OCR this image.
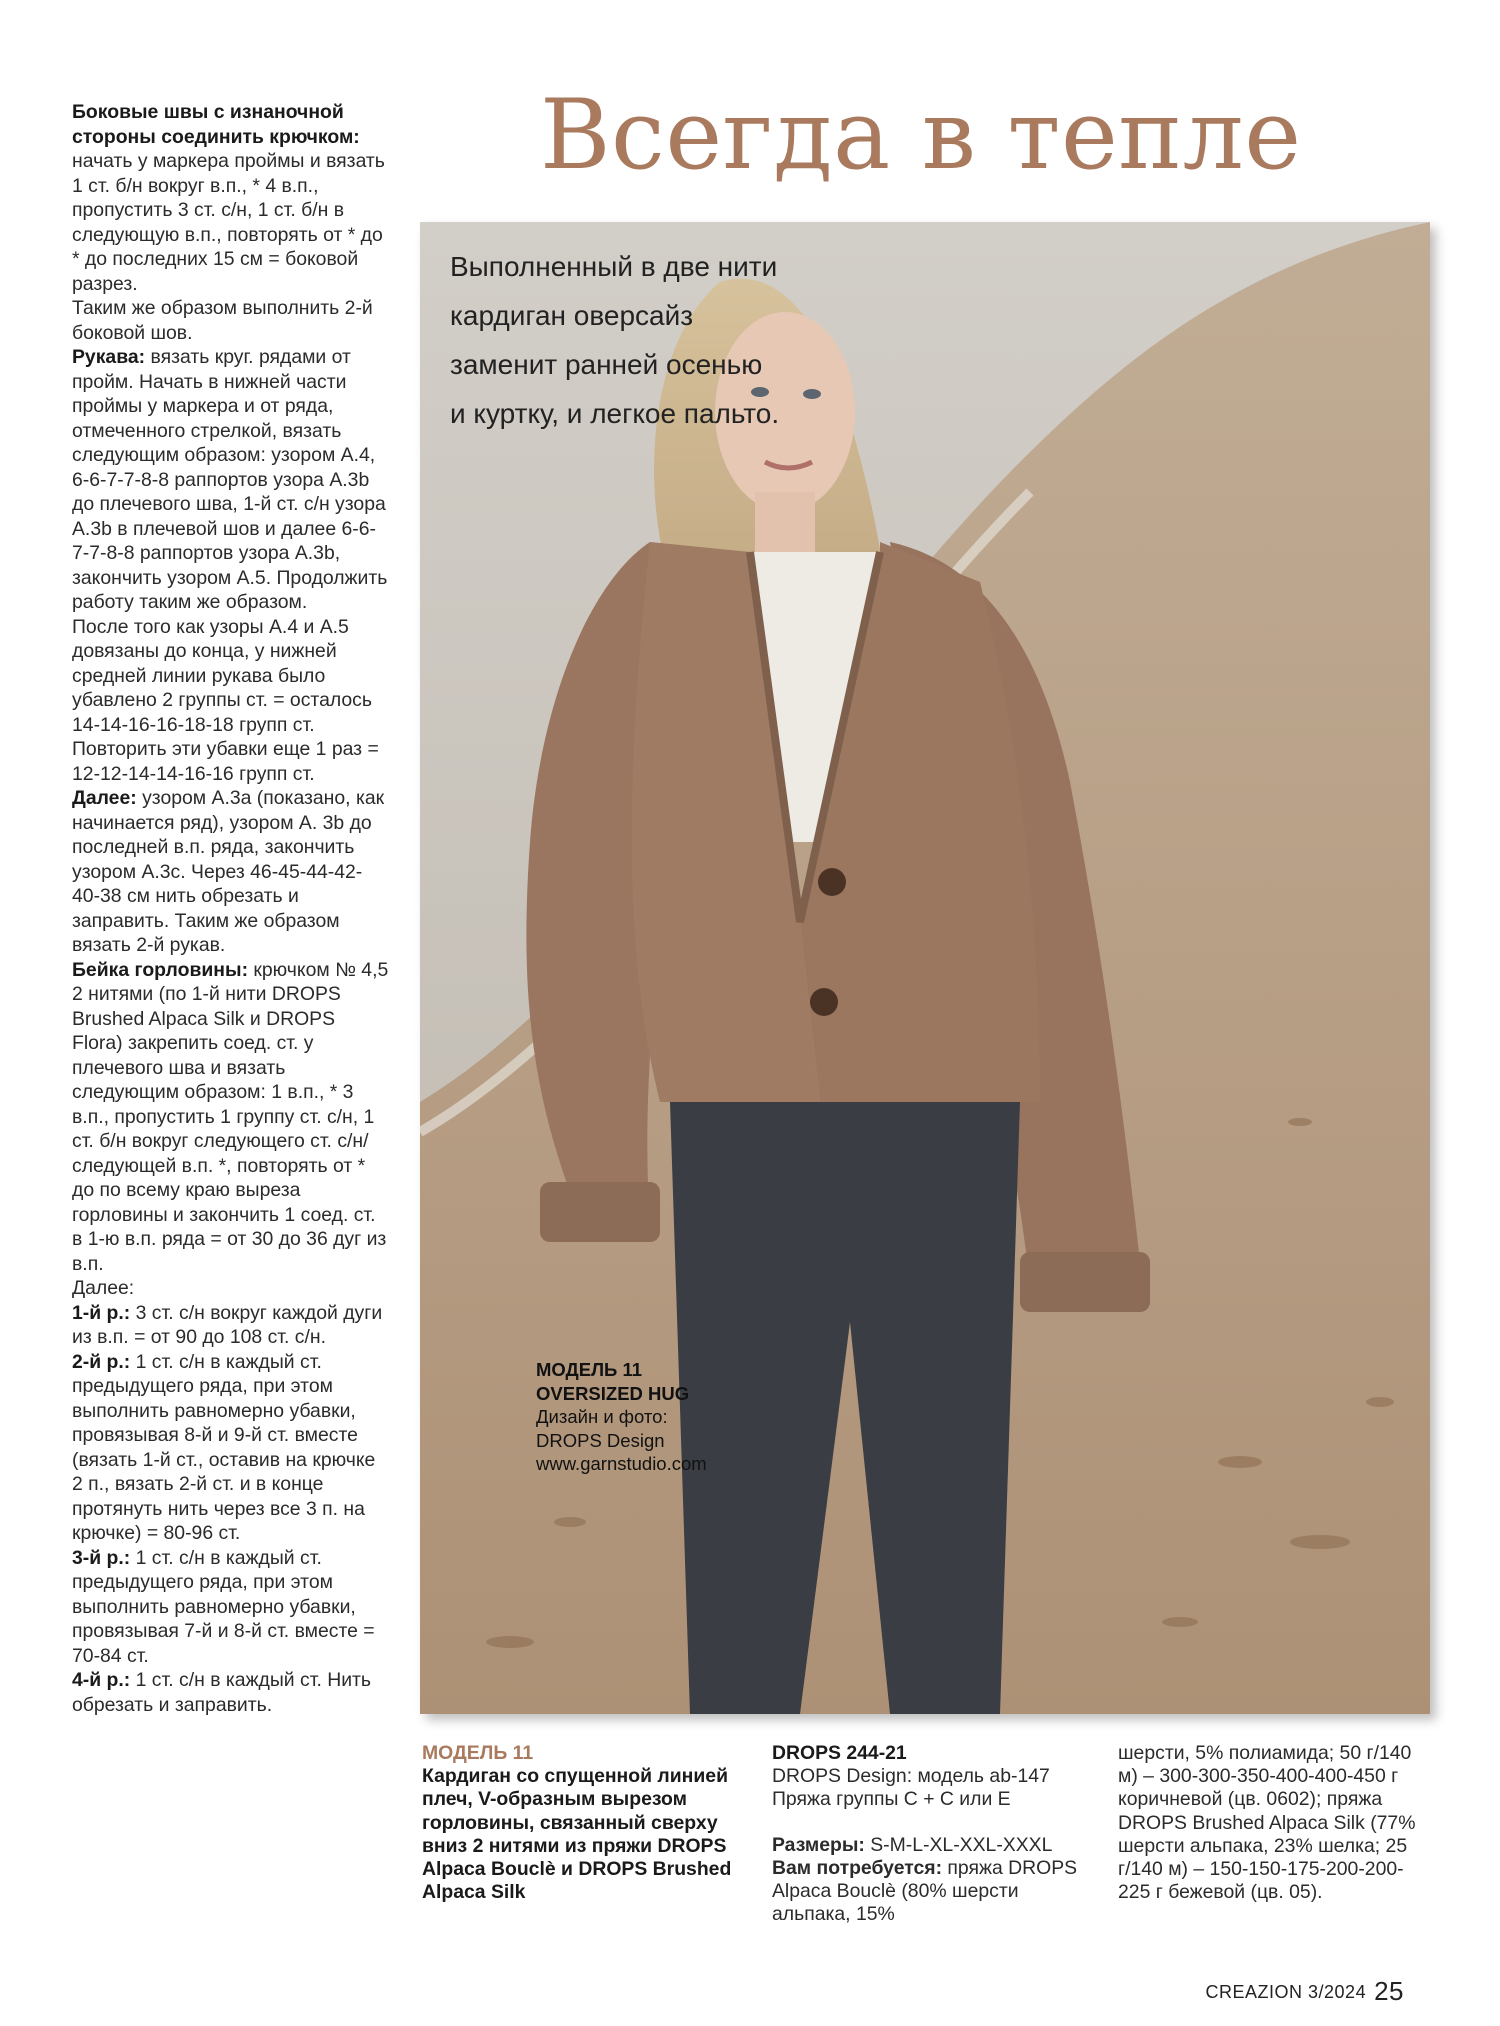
Всегда в тепле

Боковые швы с изнаночной стороны соединить крючком: начать у маркера проймы и вязать 1 ст. б/н вокруг в.п., * 4 в.п., пропустить 3 ст. с/н, 1 ст. б/н в следующую в.п., повторять от * до * до последних 15 см = боковой разрез.

Таким же образом выполнить 2-й боковой шов.

Рукава: вязать круг. рядами от пройм. Начать в нижней части проймы у маркера и от ряда, отмеченного стрелкой, вязать следующим образом: узором A.4, 6-6-7-7-8-8 раппортов узора A.3b до плечевого шва, 1-й ст. с/н узора A.3b в плечевой шов и далее 6-6-7-7-8-8 раппортов узора A.3b, закончить узором A.5. Продолжить работу таким же образом.

После того как узоры A.4 и A.5 довязаны до конца, у нижней средней линии рукава было убавлено 2 группы ст. = осталось 14-14-16-16-18-18 групп ст.

Повторить эти убавки еще 1 раз = 12-12-14-14-16-16 групп ст.

Далее: узором A.3a (показано, как начинается ряд), узором A. 3b до последней в.п. ряда, закончить узором A.3c. Через 46-45-44-42-40-38 см нить обрезать и заправить. Таким же образом вязать 2-й рукав.

Бейка горловины: крючком № 4,5 2 нитями (по 1-й нити DROPS Brushed Alpaca Silk и DROPS Flora) закрепить соед. ст. у плечевого шва и вязать следующим образом: 1 в.п., * 3 в.п., пропустить 1 группу ст. с/н, 1 ст. б/н вокруг следующего ст. с/н/следующей в.п. *, повторять от * до по всему краю выреза горловины и закончить 1 соед. ст. в 1-ю в.п. ряда = от 30 до 36 дуг из в.п.

Далее:

1-й р.: 3 ст. с/н вокруг каждой дуги из в.п. = от 90 до 108 ст. с/н.

2-й р.: 1 ст. с/н в каждый ст. предыдущего ряда, при этом выполнить равномерно убавки, провязывая 8-й и 9-й ст. вместе (вязать 1-й ст., оставив на крючке 2 п., вязать 2-й ст. и в конце протянуть нить через все 3 п. на крючке) = 80-96 ст.

3-й р.: 1 ст. с/н в каждый ст. предыдущего ряда, при этом выполнить равномерно убавки, провязывая 7-й и 8-й ст. вместе = 70-84 ст.

4-й р.: 1 ст. с/н в каждый ст. Нить обрезать и заправить.

Выполненный в две нити кардиган оверсайз заменит ранней осенью и куртку, и легкое пальто.
МОДЕЛЬ 11
OVERSIZED HUG
Дизайн и фото:
DROPS Design
www.garnstudio.com

МОДЕЛЬ 11

Кардиган со спущенной линией плеч, V-образным вырезом горловины, связанный сверху вниз 2 нитями из пряжи DROPS Alpaca Bouclè и DROPS Brushed Alpaca Silk

DROPS 244-21

DROPS Design: модель ab-147

Пряжа группы C + C или E

Размеры: S-M-L-XL-XXL-XXXL

Вам потребуется: пряжа DROPS Alpaca Bouclè (80% шерсти альпака, 15%

шерсти, 5% полиамида; 50 г/140 м) – 300-300-350-400-400-450 г коричневой (цв. 0602); пряжа DROPS Brushed Alpaca Silk (77% шерсти альпака, 23% шелка; 25 г/140 м) – 150-150-175-200-200-225 г бежевой (цв. 05).

CREAZION 3/2024 25
